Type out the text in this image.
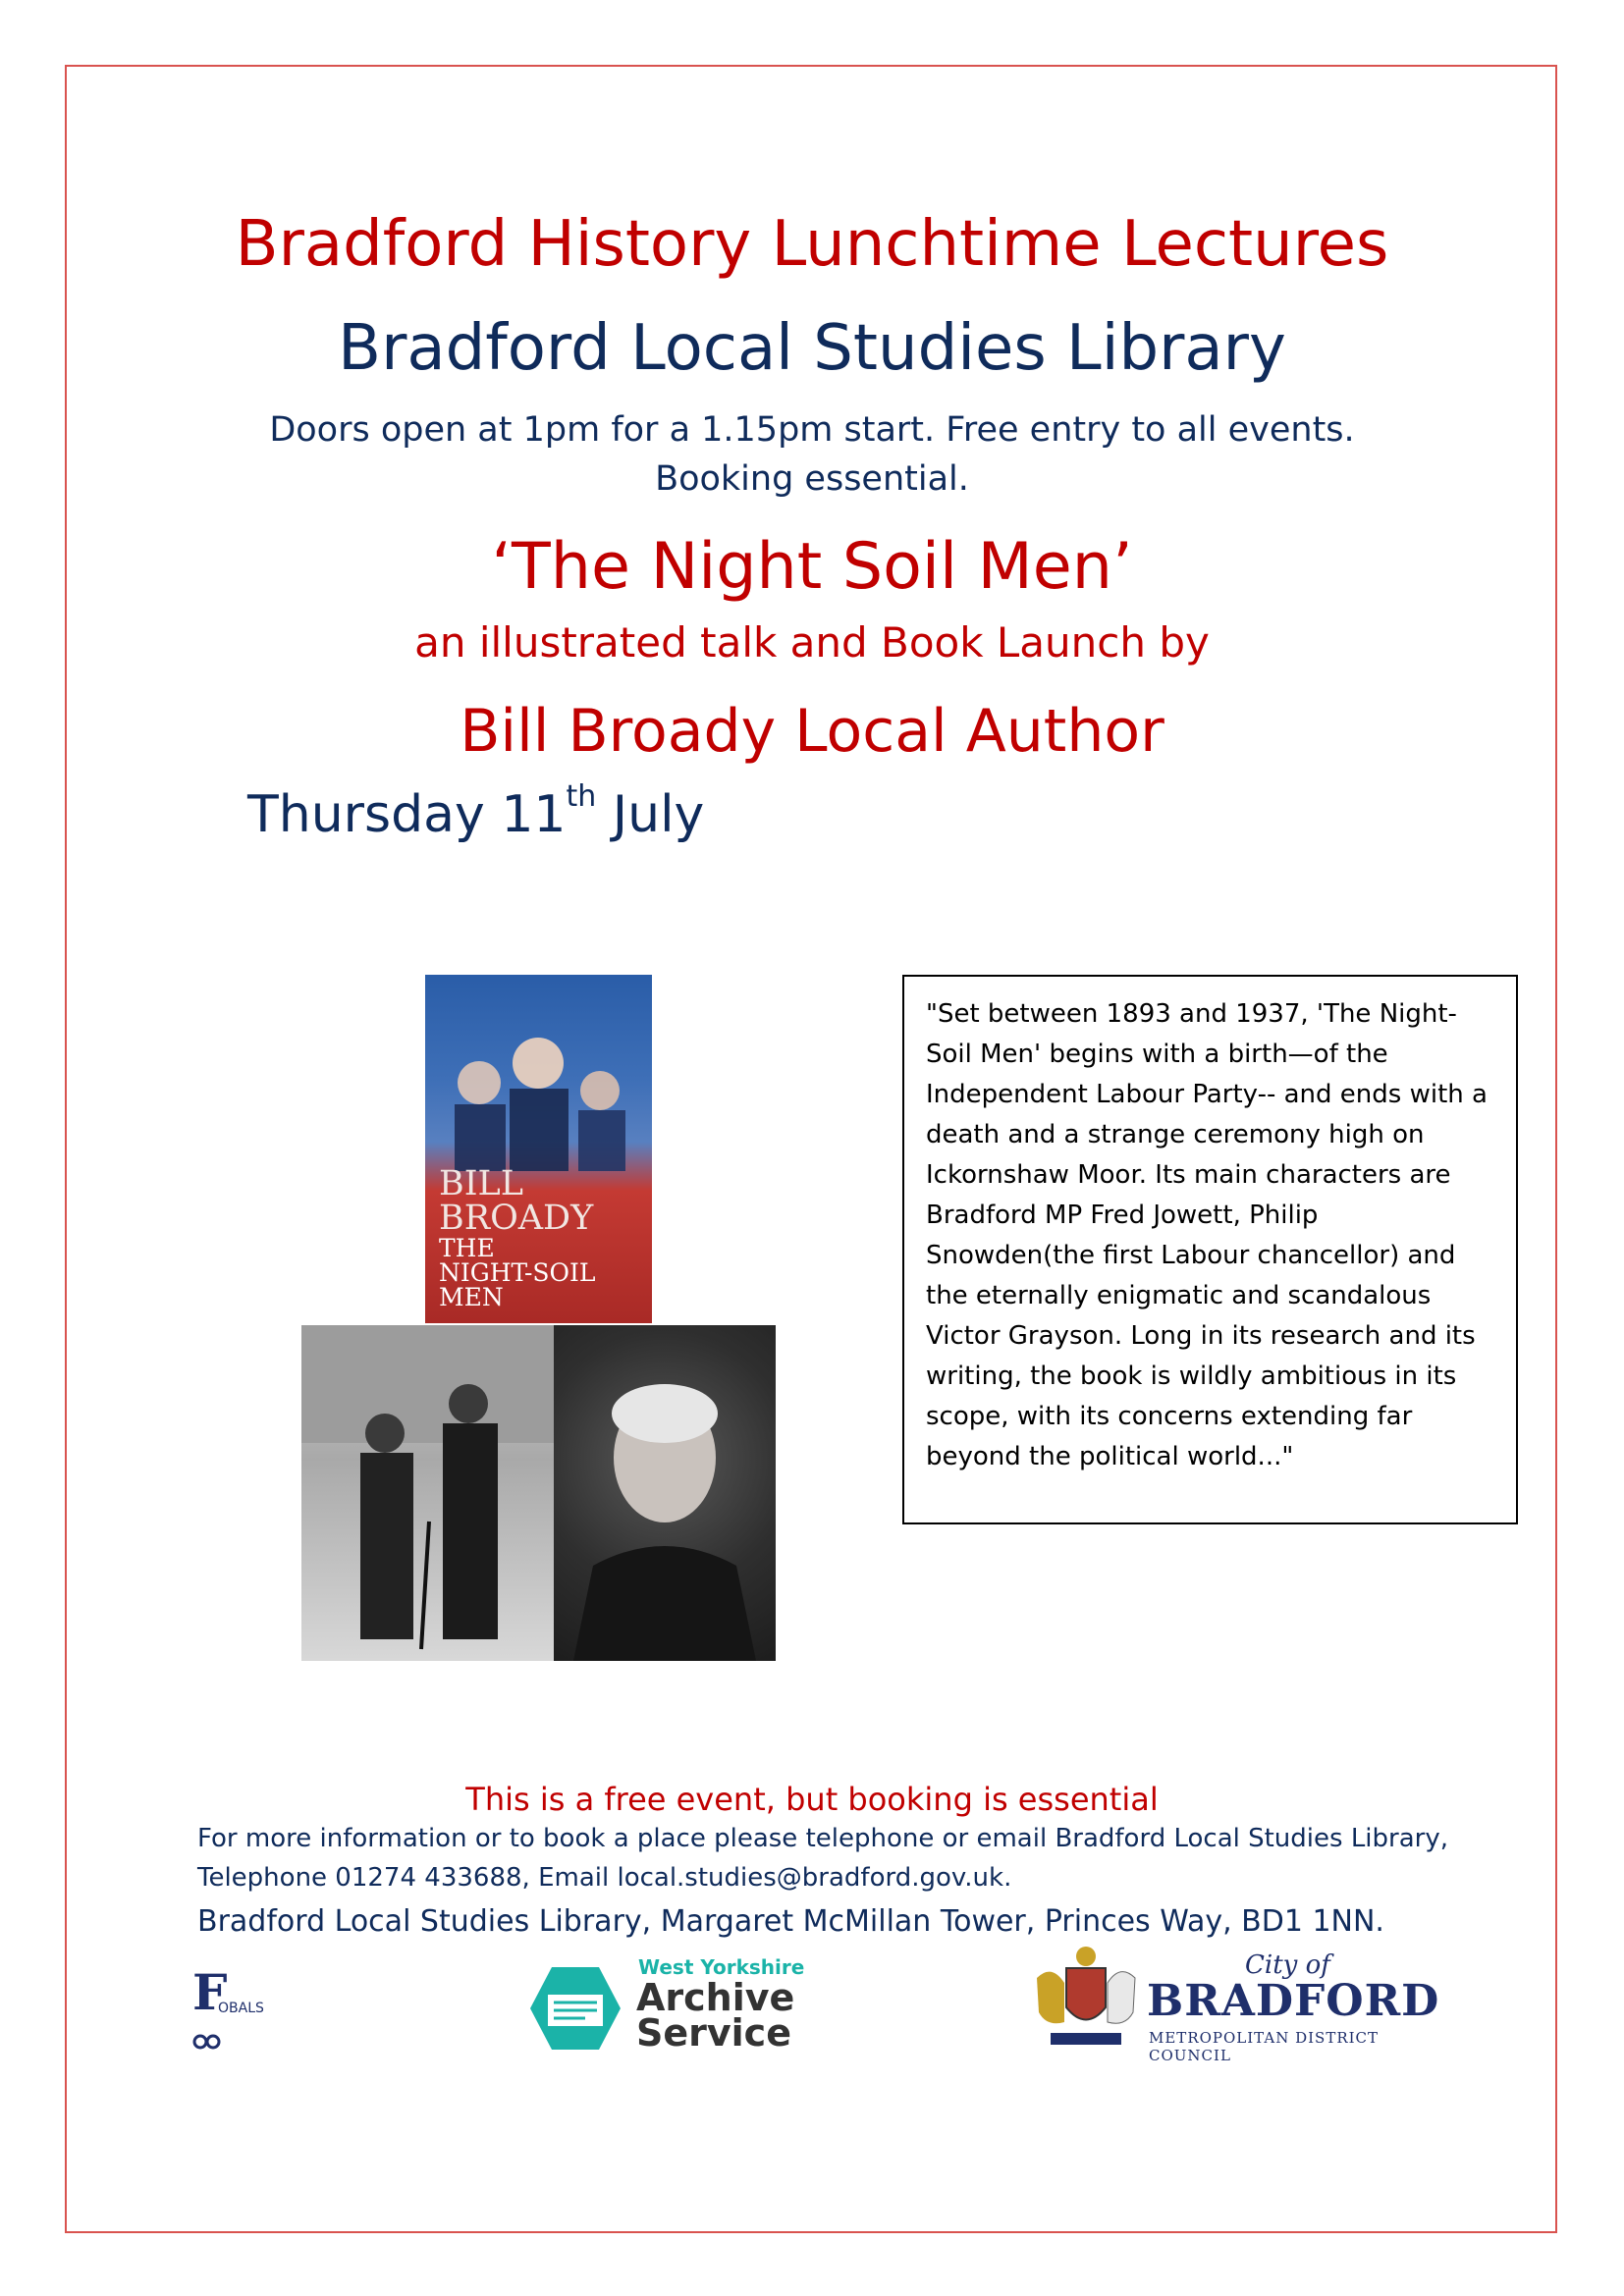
Bradford History Lunchtime Lectures
Bradford Local Studies Library
Doors open at 1pm for a 1.15pm start. Free entry to all events.
Booking essential.
‘The Night Soil Men’
an illustrated talk and Book Launch by
Bill Broady Local Author
Thursday 11th July
BILL
BROADY
THE
NIGHT-SOIL
MEN

"Set between 1893 and 1937, 'The Night-Soil Men' begins with a birth—of the Independent Labour Party-- and ends with a death and a strange ceremony high on Ickornshaw Moor. Its main characters are Bradford MP Fred Jowett, Philip Snowden(the first Labour chancellor) and the eternally enigmatic and scandalous Victor Grayson. Long in its research and its writing, the book is wildly ambitious in its scope, with its concerns extending far beyond the political world..."

This is a free event, but booking is essential
For more information or to book a place please telephone or email Bradford Local Studies Library,
Telephone 01274 433688, Email local.studies@bradford.gov.uk.
Bradford Local Studies Library, Margaret McMillan Tower, Princes Way, BD1 1NN.
F
OBALS
West Yorkshire
Archive
Service
City of
BRADFORD
METROPOLITAN DISTRICT COUNCIL
